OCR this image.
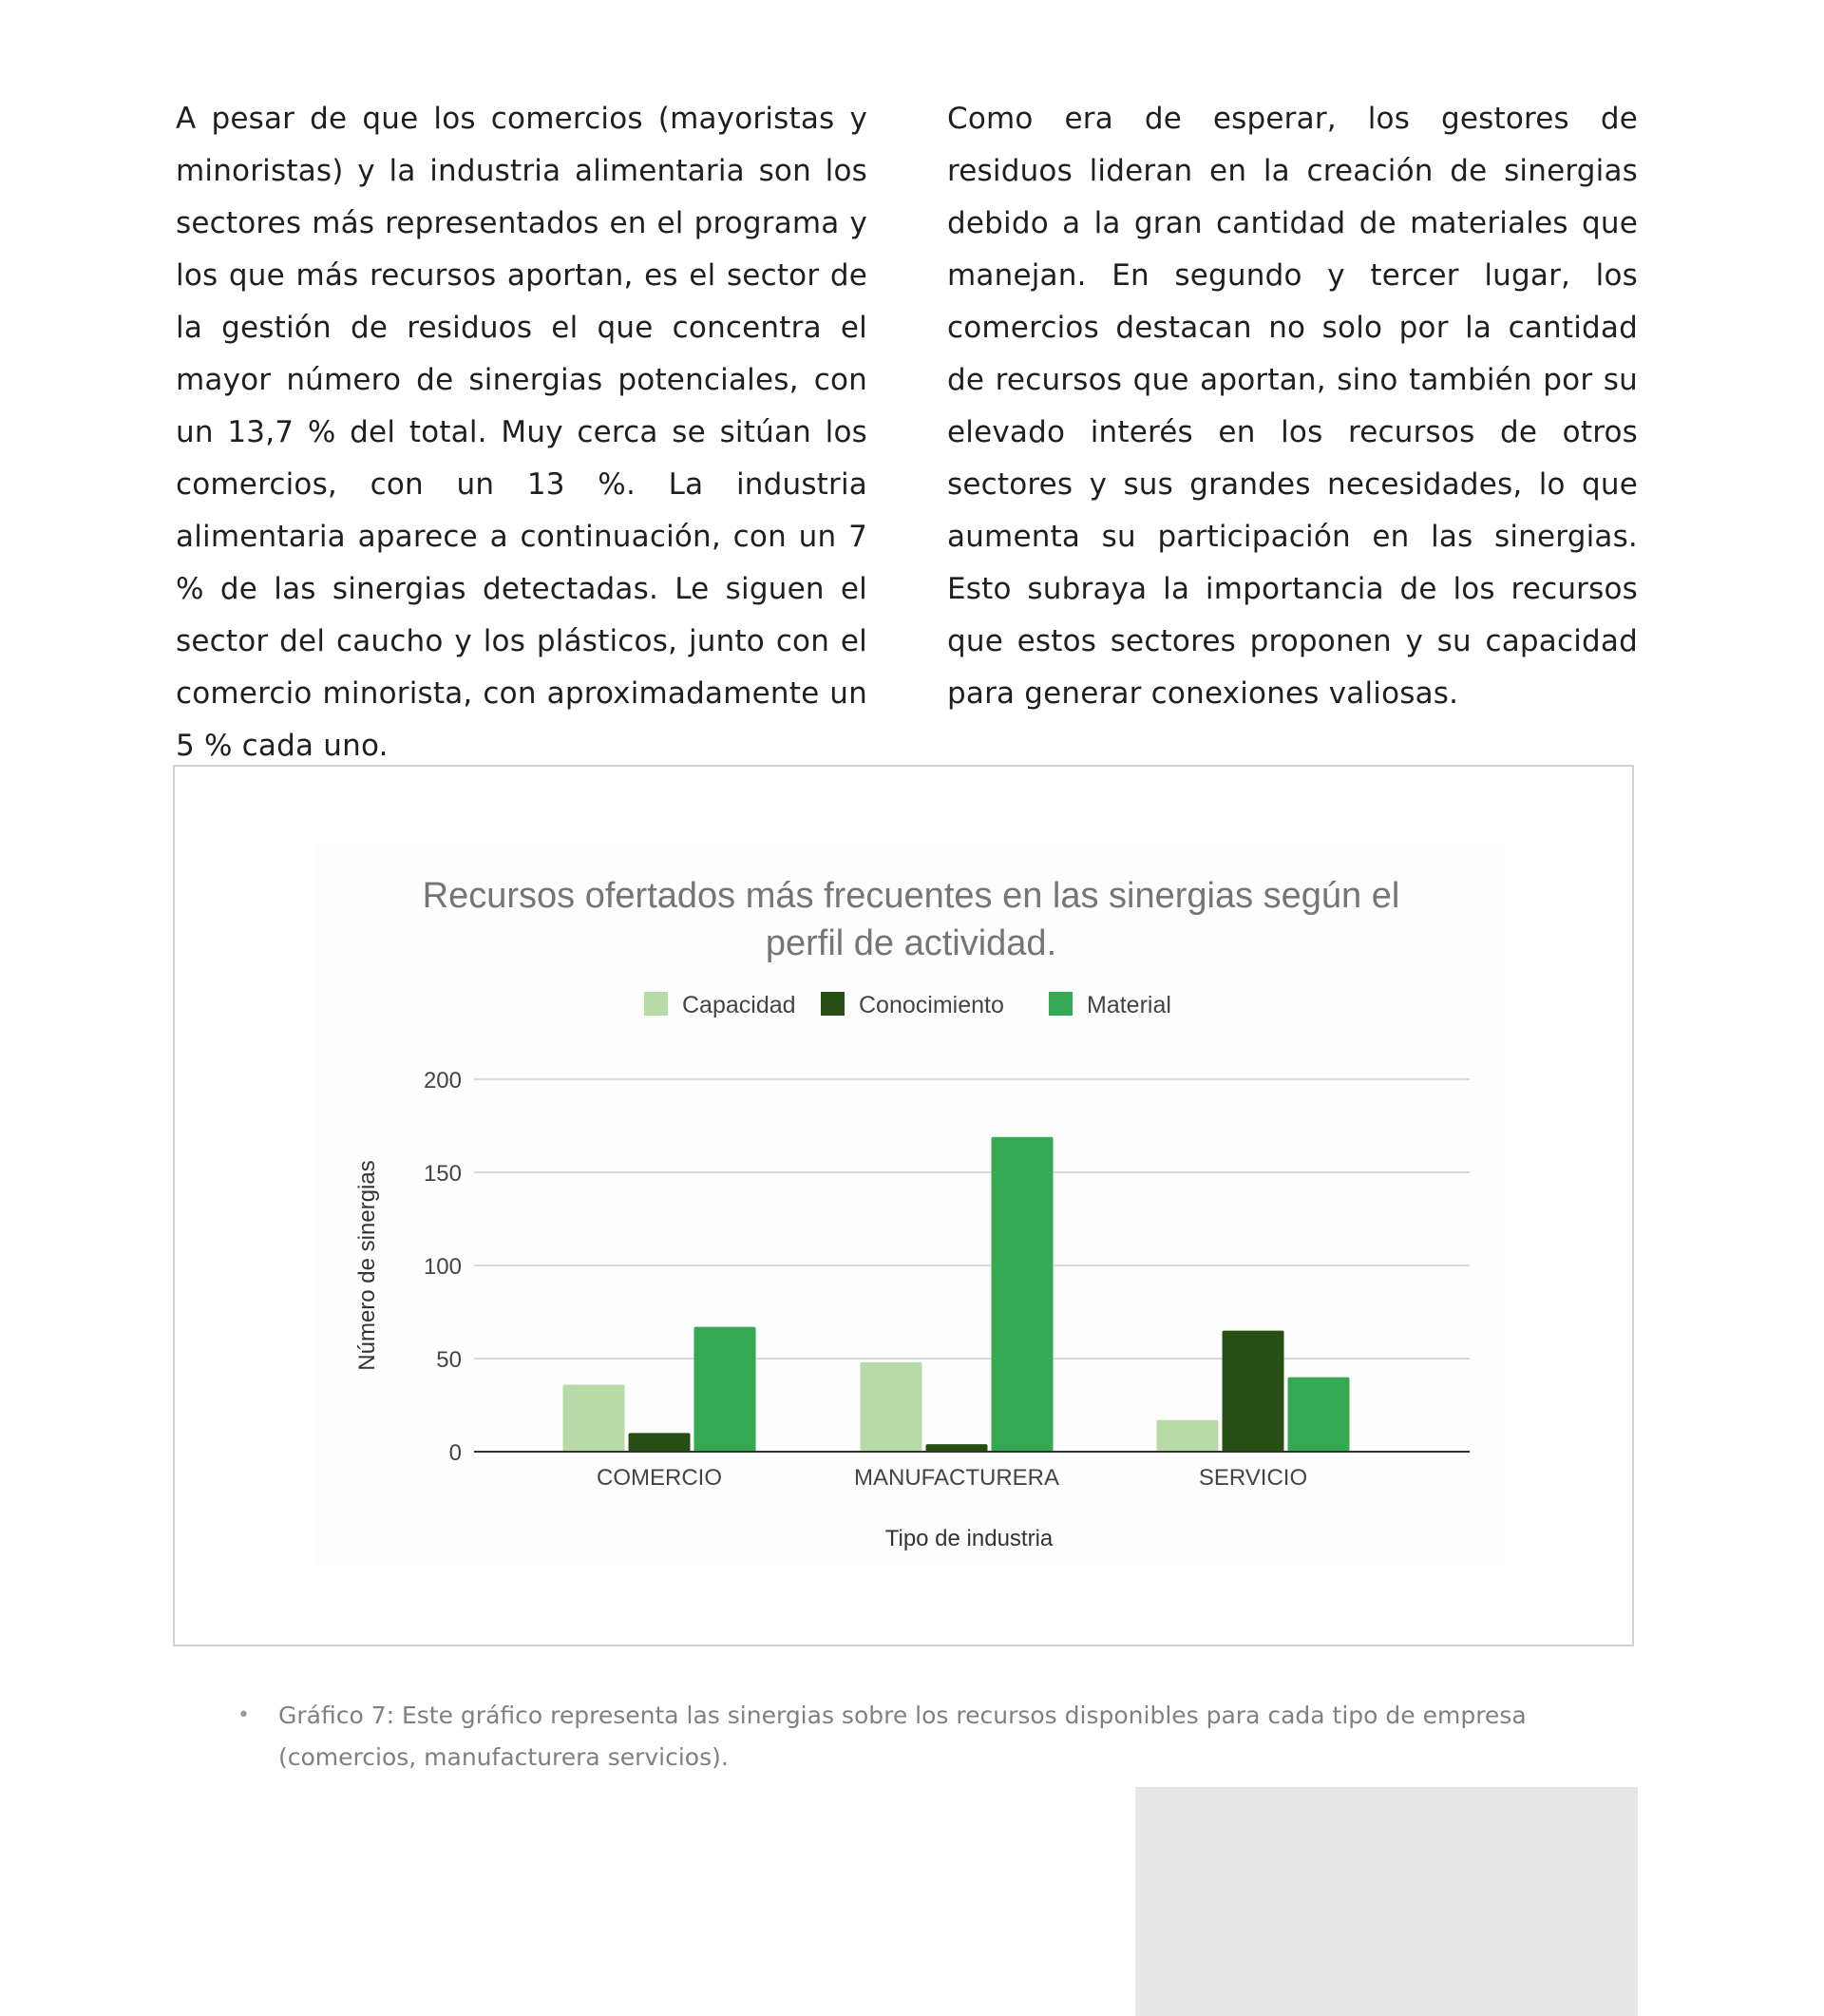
A pesar de que los comercios (mayoristas y minoristas) y la industria alimentaria son los sectores más representados en el programa y los que más recursos aportan, es el sector de la gestión de residuos el que concentra el mayor número de sinergias potenciales, con un 13,7 % del total. Muy cerca se sitúan los comercios, con un 13 %. La industria alimentaria aparece a continuación, con un 7 % de las sinergias detectadas. Le siguen el sector del caucho y los plásticos, junto con el comercio minorista, con aproximadamente un 5 % cada uno.

Como era de esperar, los gestores de residuos lideran en la creación de sinergias debido a la gran cantidad de materiales que manejan. En segundo y tercer lugar, los comercios destacan no solo por la cantidad de recursos que aportan, sino también por su elevado interés en los recursos de otros sectores y sus grandes necesidades, lo que aumenta su participación en las sinergias. Esto subraya la importancia de los recursos que estos sectores proponen y su capacidad para generar conexiones valiosas.

Recursos ofertados más frecuentes en las sinergias según el
perfil de actividad.
Capacidad	Conocimiento	Material
0
50
100
150
200
COMERCIO	MANUFACTURERA	SERVICIO
Tipo de industria
Número de sinergias
• Gráfico 7: Este gráfico representa las sinergias sobre los recursos disponibles para cada tipo de empresa (comercios, manufacturera servicios).
